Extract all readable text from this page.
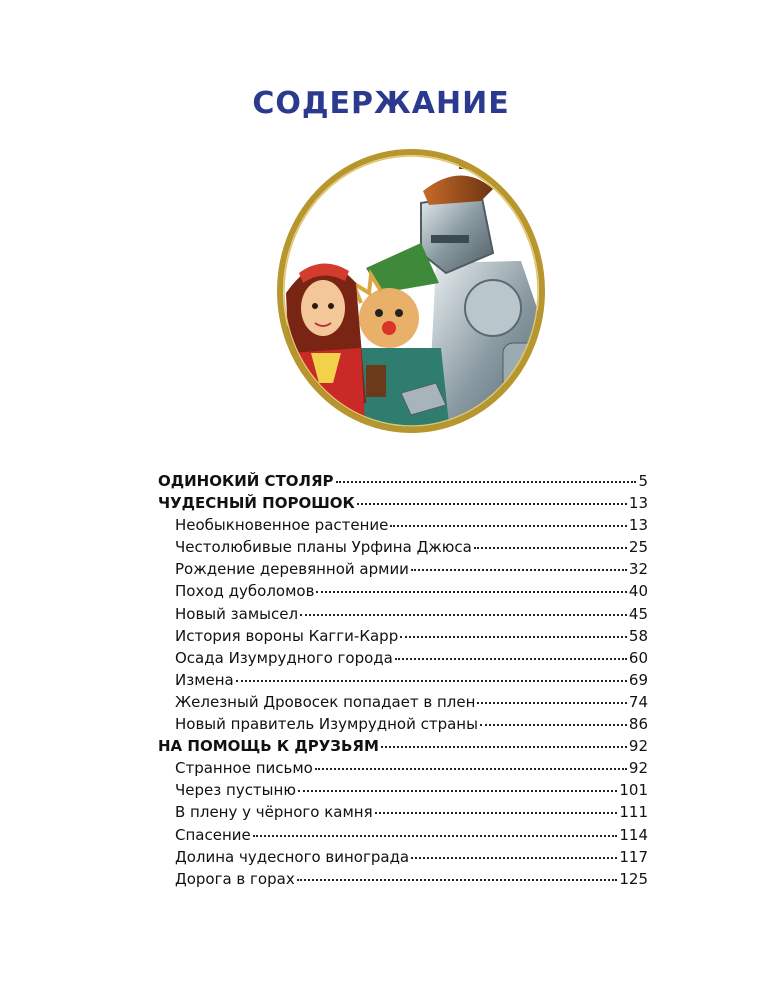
СОДЕРЖАНИЕ
ОДИНОКИЙ СТОЛЯР	5
ЧУДЕСНЫЙ ПОРОШОК	13
Необыкновенное растение	13
Честолюбивые планы Урфина Джюса	25
Рождение деревянной армии	32
Поход дуболомов	40
Новый замысел	45
История вороны Кагги-Карр	58
Осада Изумрудного города	60
Измена	69
Железный Дровосек попадает в плен	74
Новый правитель Изумрудной страны	86
НА ПОМОЩЬ К ДРУЗЬЯМ	92
Странное письмо	92
Через пустыню	101
В плену у чёрного камня	111
Спасение	114
Долина чудесного винограда	117
Дорога в горах	125
